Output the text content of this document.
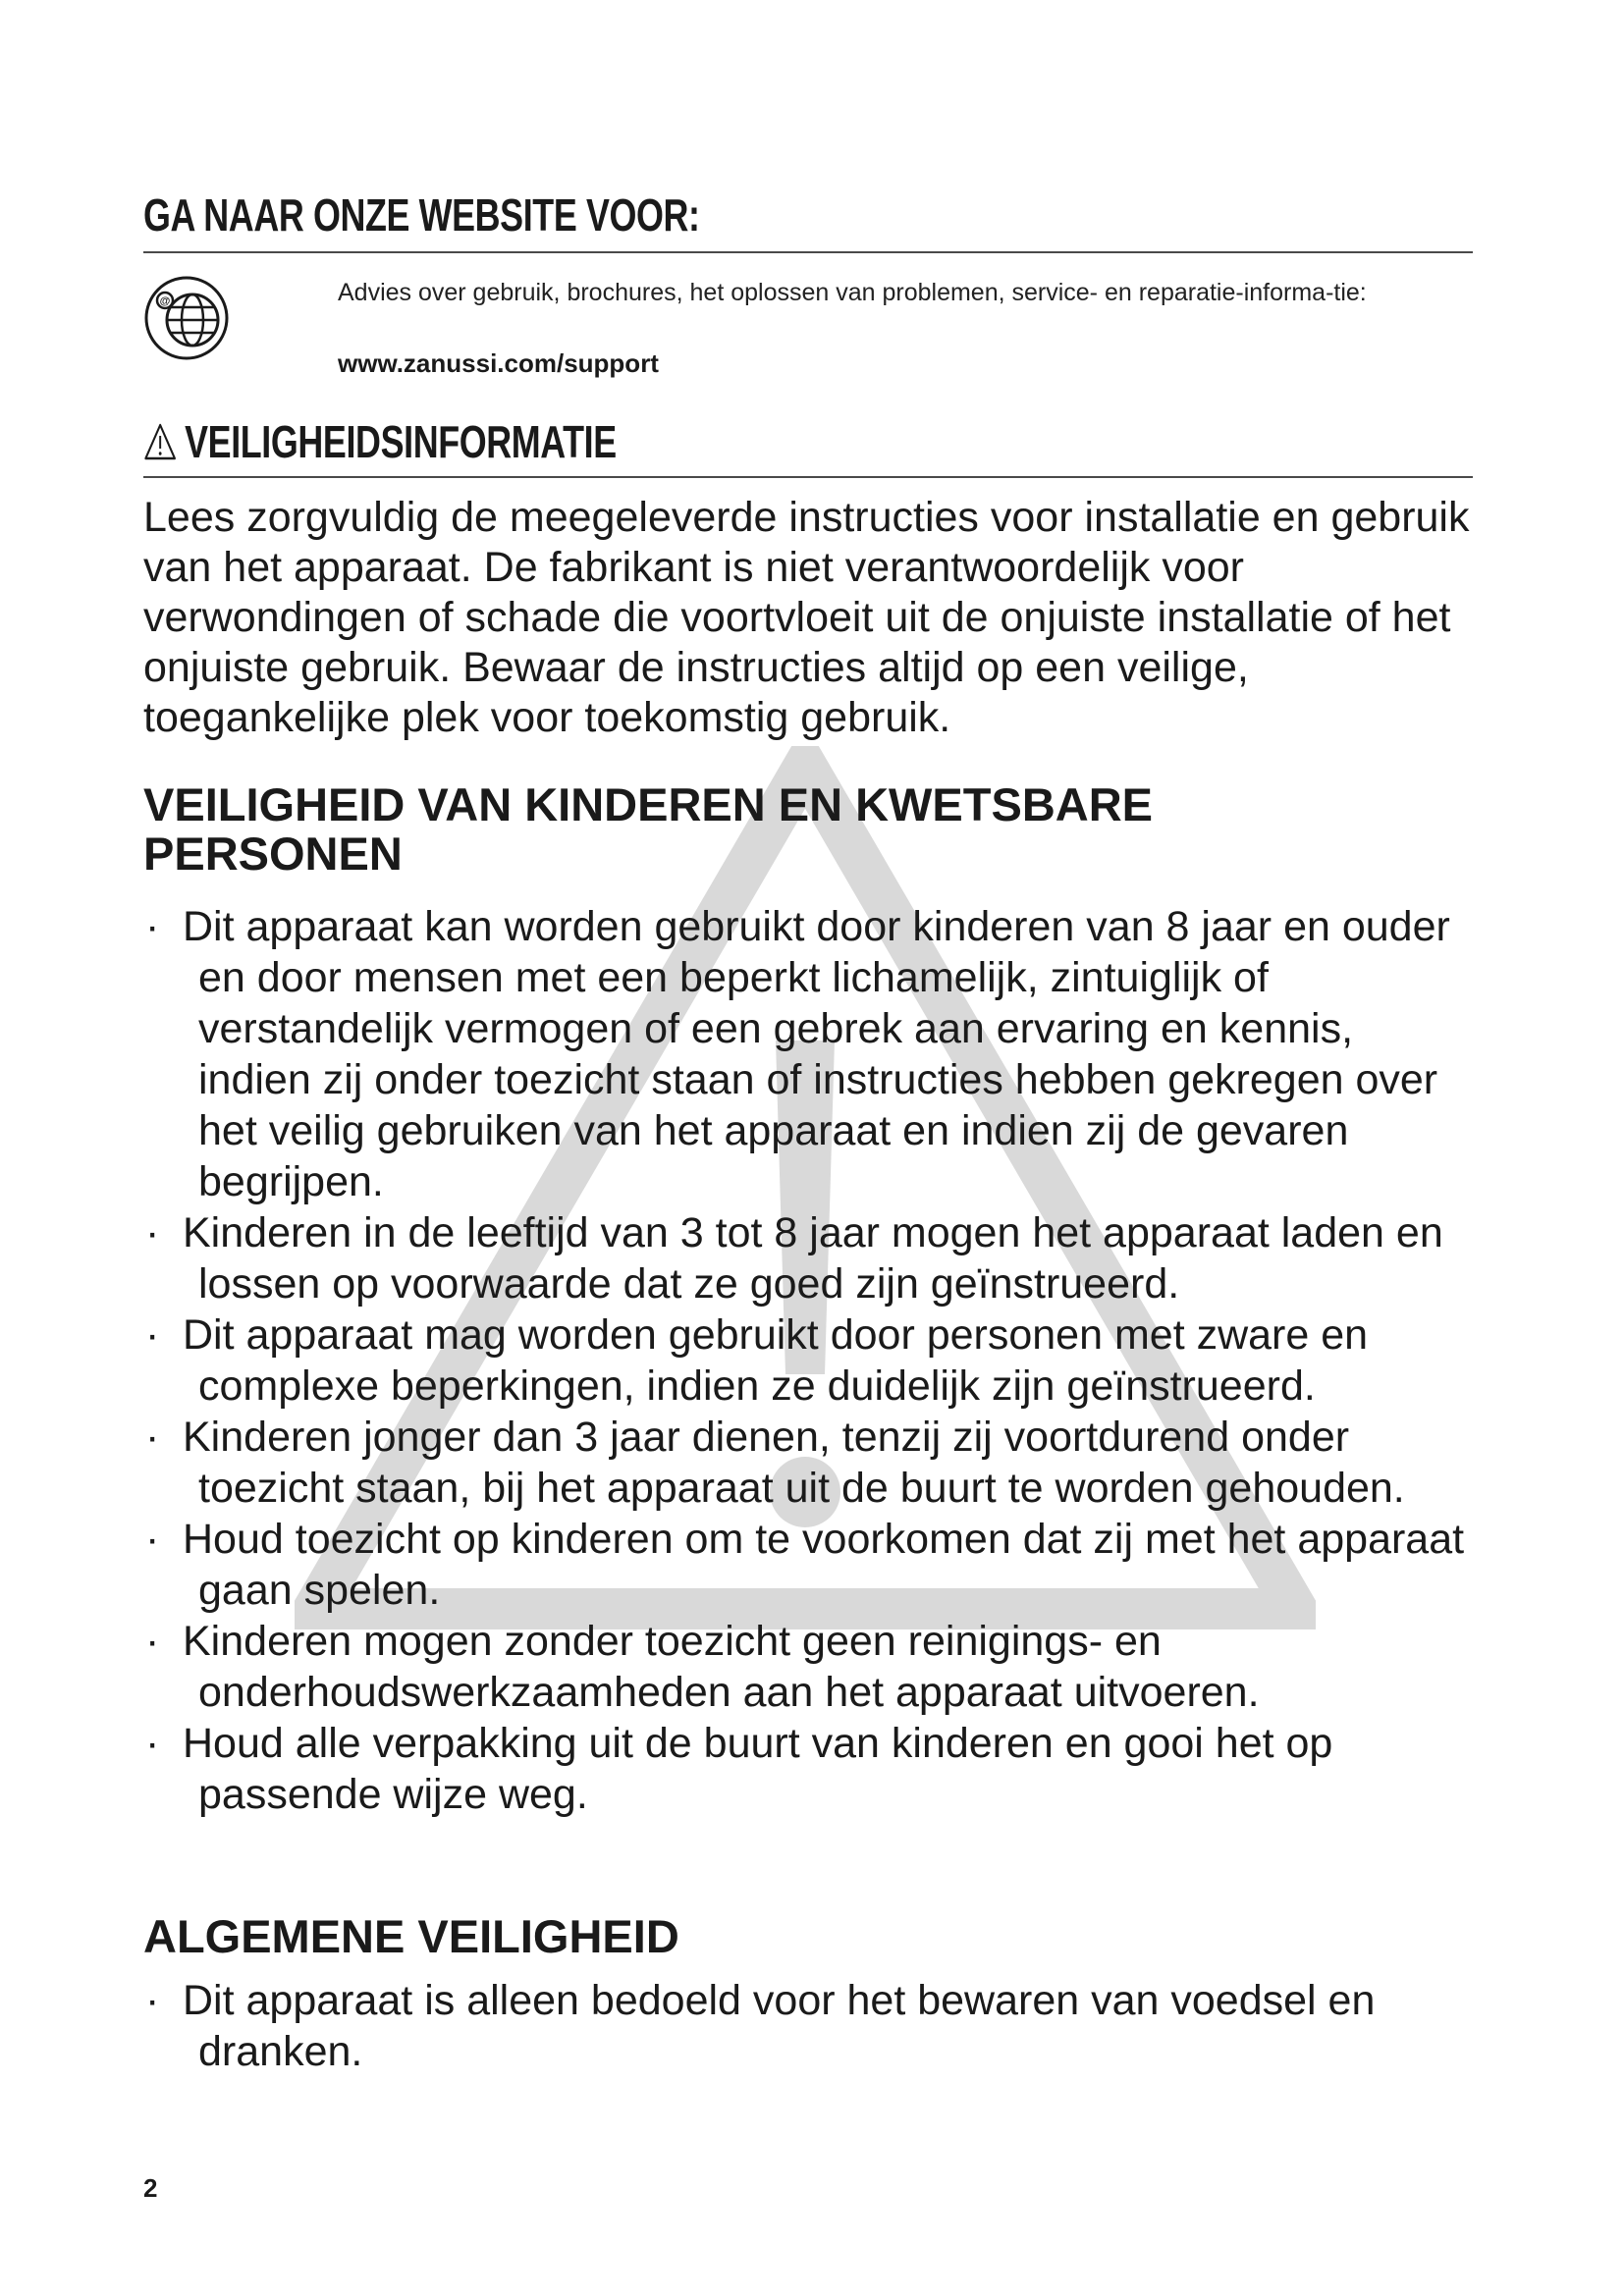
GA NAAR ONZE WEBSITE VOOR:
@	Advies over gebruik, brochures, het oplossen van problemen, service- en reparatie-informa-tie:
www.zanussi.com/support
VEILIGHEIDSINFORMATIE
Lees zorgvuldig de meegeleverde instructies voor installatie en gebruik van het apparaat. De fabrikant is niet verantwoordelijk voor verwondingen of schade die voortvloeit uit de onjuiste installatie of het onjuiste gebruik. Bewaar de instructies altijd op een veilige, toegankelijke plek voor toekomstig gebruik.
VEILIGHEID VAN KINDEREN EN KWETSBARE
PERSONEN
· Dit apparaat kan worden gebruikt door kinderen van 8 jaar en ouder en door mensen met een beperkt lichamelijk, zintuiglijk of verstandelijk vermogen of een gebrek aan ervaring en kennis, indien zij onder toezicht staan of instructies hebben gekregen over het veilig gebruiken van het apparaat en indien zij de gevaren begrijpen.
· Kinderen in de leeftijd van 3 tot 8 jaar mogen het apparaat laden en lossen op voorwaarde dat ze goed zijn geïnstrueerd.
· Dit apparaat mag worden gebruikt door personen met zware en complexe beperkingen, indien ze duidelijk zijn geïnstrueerd.
· Kinderen jonger dan 3 jaar dienen, tenzij zij voortdurend onder toezicht staan, bij het apparaat uit de buurt te worden gehouden.
· Houd toezicht op kinderen om te voorkomen dat zij met het apparaat gaan spelen.
· Kinderen mogen zonder toezicht geen reinigings- en onderhoudswerkzaamheden aan het apparaat uitvoeren.
· Houd alle verpakking uit de buurt van kinderen en gooi het op passende wijze weg.
ALGEMENE VEILIGHEID
· Dit apparaat is alleen bedoeld voor het bewaren van voedsel en dranken.
2
